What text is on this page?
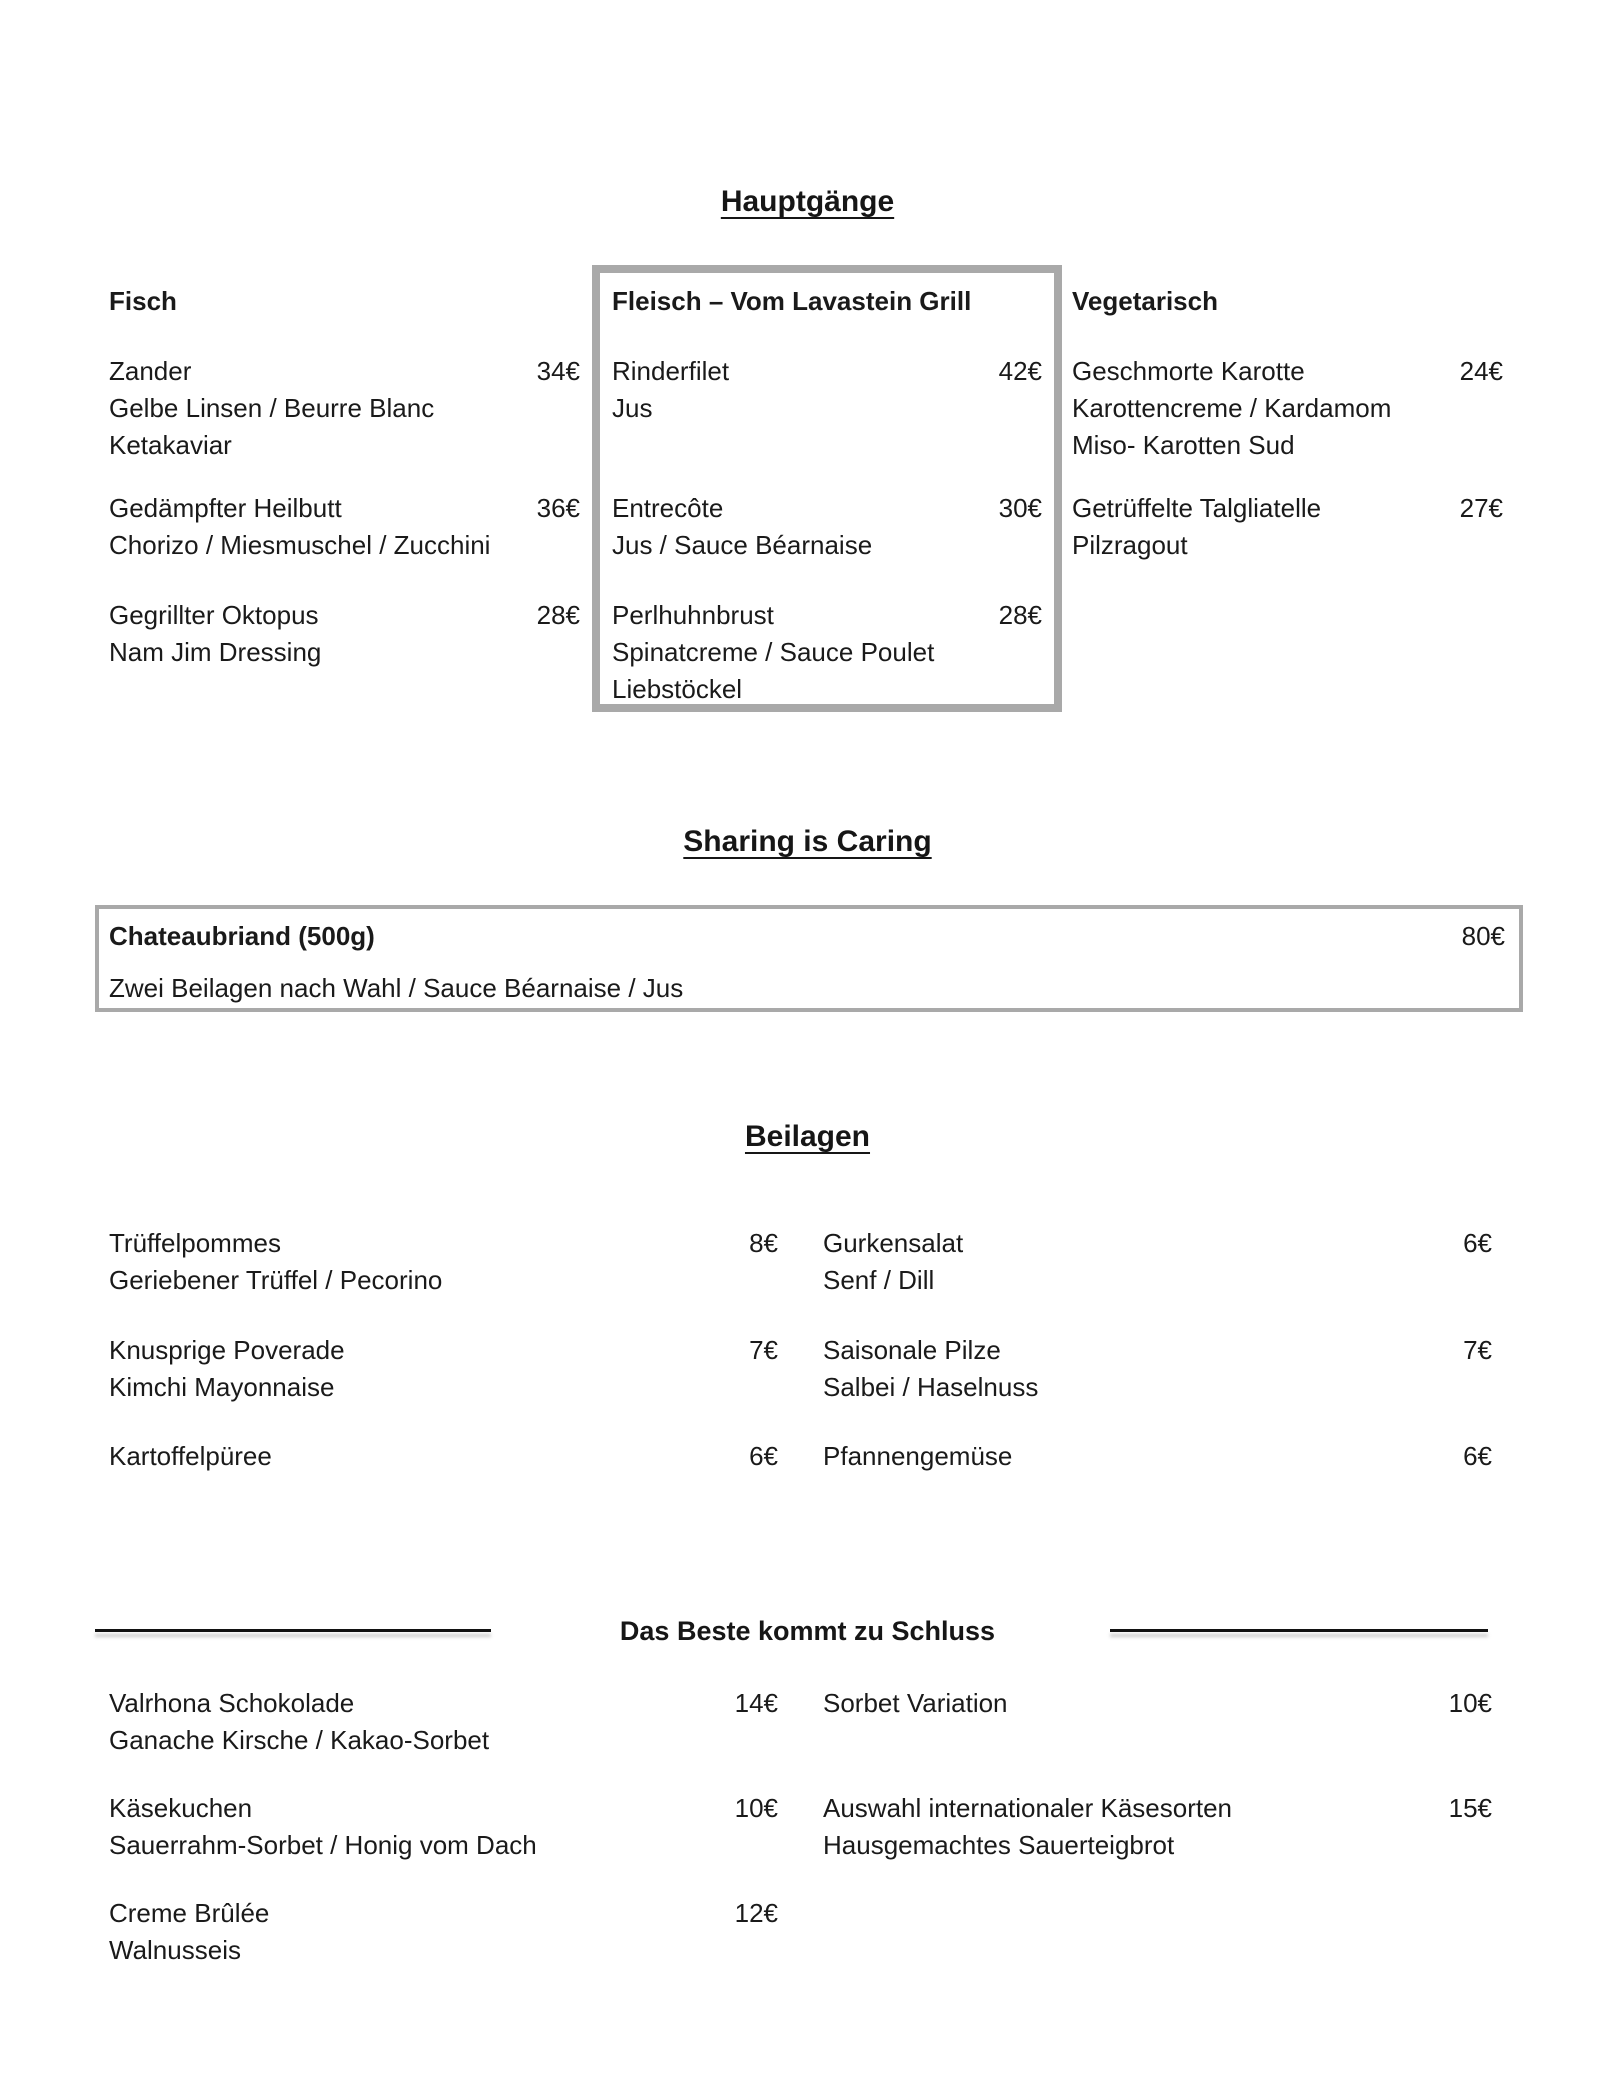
Hauptgänge
Fisch
Zander	34€
Gelbe Linsen / Beurre Blanc
Ketakaviar
Gedämpfter Heilbutt	36€
Chorizo / Miesmuschel / Zucchini
Gegrillter Oktopus	28€
Nam Jim Dressing
Fleisch – Vom Lavastein Grill
Rinderfilet	42€
Jus
Entrecôte	30€
Jus / Sauce Béarnaise
Perlhuhnbrust	28€
Spinatcreme / Sauce Poulet
Liebstöckel
Vegetarisch
Geschmorte Karotte	24€
Karottencreme / Kardamom
Miso- Karotten Sud
Getrüffelte Talgliatelle	27€
Pilzragout
Sharing is Caring
Chateaubriand (500g)	80€
Zwei Beilagen nach Wahl / Sauce Béarnaise / Jus
Beilagen
Trüffelpommes	8€
Geriebener Trüffel / Pecorino
Knusprige Poverade	7€
Kimchi Mayonnaise
Kartoffelpüree	6€
Gurkensalat	6€
Senf / Dill
Saisonale Pilze	7€
Salbei / Haselnuss
Pfannengemüse	6€
Das Beste kommt zu Schluss
Valrhona Schokolade	14€
Ganache Kirsche / Kakao-Sorbet
Käsekuchen	10€
Sauerrahm-Sorbet / Honig vom Dach
Creme Brûlée	12€
Walnusseis
Sorbet Variation	10€
Auswahl internationaler Käsesorten	15€
Hausgemachtes Sauerteigbrot
